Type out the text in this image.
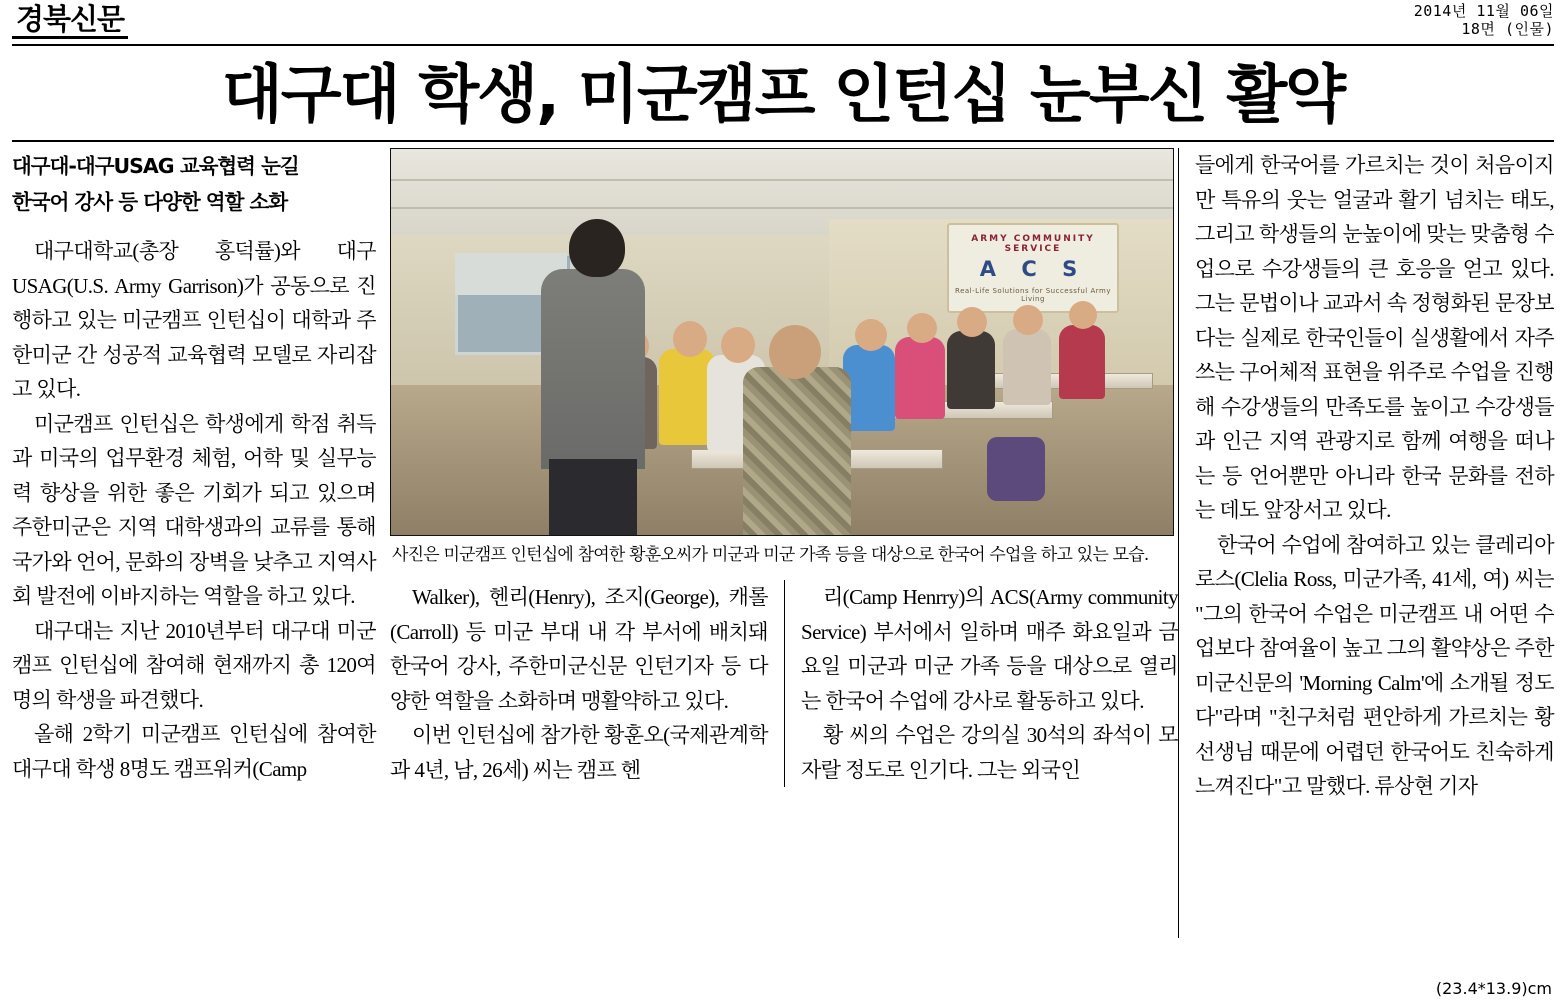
경북신문	2014년 11월 06일
18면 (인물)
대구대 학생, 미군캠프 인턴십 눈부신 활약
대구대-대구USAG 교육협력 눈길
한국어 강사 등 다양한 역할 소화

대구대학교(총장 홍덕률)와 대구USAG(U.S. Army Garrison)가 공동으로 진행하고 있는 미군캠프 인턴십이 대학과 주한미군 간 성공적 교육협력 모델로 자리잡고 있다.

미군캠프 인턴십은 학생에게 학점 취득과 미국의 업무환경 체험, 어학 및 실무능력 향상을 위한 좋은 기회가 되고 있으며 주한미군은 지역 대학생과의 교류를 통해 국가와 언어, 문화의 장벽을 낮추고 지역사회 발전에 이바지하는 역할을 하고 있다.

대구대는 지난 2010년부터 대구대 미군캠프 인턴십에 참여해 현재까지 총 120여명의 학생을 파견했다.

올해 2학기 미군캠프 인턴십에 참여한 대구대 학생 8명도 캠프워커(Camp

ARMY COMMUNITY SERVICE
A C S
Real-Life Solutions for Successful Army Living
사진은 미군캠프 인턴십에 참여한 황훈오씨가 미군과 미군 가족 등을 대상으로 한국어 수업을 하고 있는 모습.

Walker), 헨리(Henry), 조지(George), 캐롤(Carroll) 등 미군 부대 내 각 부서에 배치돼 한국어 강사, 주한미군신문 인턴기자 등 다양한 역할을 소화하며 맹활약하고 있다.

이번 인턴십에 참가한 황훈오(국제관계학과 4년, 남, 26세) 씨는 캠프 헨

리(Camp Henrry)의 ACS(Army community Service) 부서에서 일하며 매주 화요일과 금요일 미군과 미군 가족 등을 대상으로 열리는 한국어 수업에 강사로 활동하고 있다.

황 씨의 수업은 강의실 30석의 좌석이 모자랄 정도로 인기다. 그는 외국인

들에게 한국어를 가르치는 것이 처음이지만 특유의 웃는 얼굴과 활기 넘치는 태도, 그리고 학생들의 눈높이에 맞는 맞춤형 수업으로 수강생들의 큰 호응을 얻고 있다. 그는 문법이나 교과서 속 정형화된 문장보다는 실제로 한국인들이 실생활에서 자주 쓰는 구어체적 표현을 위주로 수업을 진행해 수강생들의 만족도를 높이고 수강생들과 인근 지역 관광지로 함께 여행을 떠나는 등 언어뿐만 아니라 한국 문화를 전하는 데도 앞장서고 있다.

한국어 수업에 참여하고 있는 클레리아 로스(Clelia Ross, 미군가족, 41세, 여) 씨는 "그의 한국어 수업은 미군캠프 내 어떤 수업보다 참여율이 높고 그의 활약상은 주한미군신문의 'Morning Calm'에 소개될 정도다"라며 "친구처럼 편안하게 가르치는 황 선생님 때문에 어렵던 한국어도 친숙하게 느껴진다"고 말했다. 류상현 기자

(23.4*13.9)cm
